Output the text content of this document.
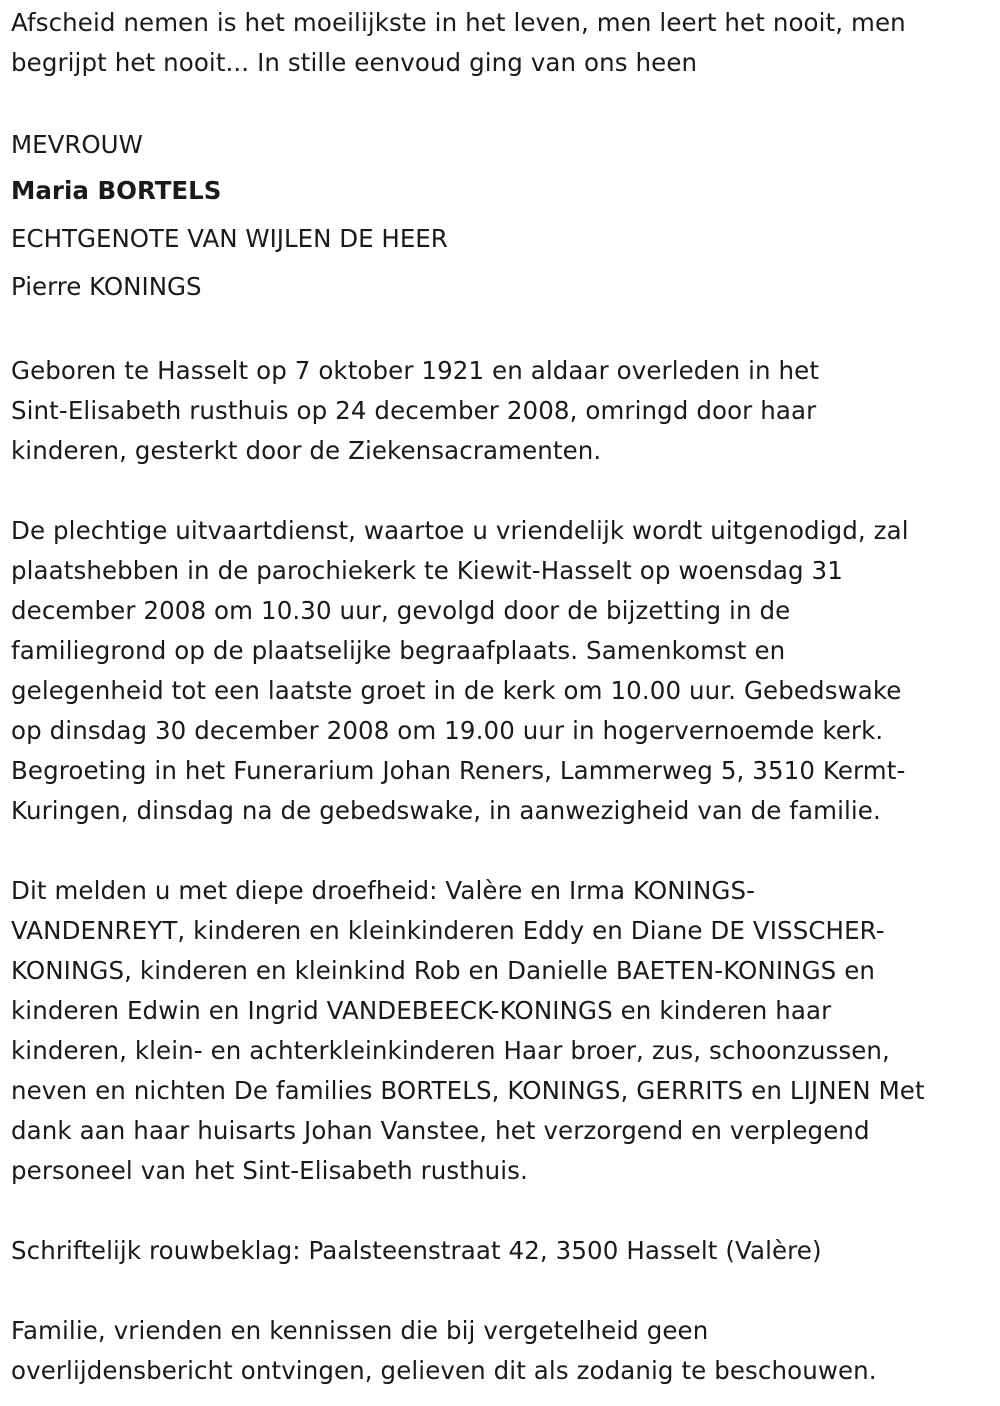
Afscheid nemen is het moeilijkste in het leven, men leert het nooit, men
begrijpt het nooit... In stille eenvoud ging van ons heen

MEVROUW
Maria BORTELS
ECHTGENOTE VAN WIJLEN DE HEER
Pierre KONINGS

Geboren te Hasselt op 7 oktober 1921 en aldaar overleden in het
Sint-Elisabeth rusthuis op 24 december 2008, omringd door haar
kinderen, gesterkt door de Ziekensacramenten.

De plechtige uitvaartdienst, waartoe u vriendelijk wordt uitgenodigd, zal
plaatshebben in de parochiekerk te Kiewit-Hasselt op woensdag 31
december 2008 om 10.30 uur, gevolgd door de bijzetting in de
familiegrond op de plaatselijke begraafplaats. Samenkomst en
gelegenheid tot een laatste groet in de kerk om 10.00 uur. Gebedswake
op dinsdag 30 december 2008 om 19.00 uur in hogervernoemde kerk.
Begroeting in het Funerarium Johan Reners, Lammerweg 5, 3510 Kermt-
Kuringen, dinsdag na de gebedswake, in aanwezigheid van de familie.

Dit melden u met diepe droefheid: Valère en Irma KONINGS-
VANDENREYT, kinderen en kleinkinderen Eddy en Diane DE VISSCHER-
KONINGS, kinderen en kleinkind Rob en Danielle BAETEN-KONINGS en
kinderen Edwin en Ingrid VANDEBEECK-KONINGS en kinderen haar
kinderen, klein- en achterkleinkinderen Haar broer, zus, schoonzussen,
neven en nichten De families BORTELS, KONINGS, GERRITS en LIJNEN Met
dank aan haar huisarts Johan Vanstee, het verzorgend en verplegend
personeel van het Sint-Elisabeth rusthuis.

Schriftelijk rouwbeklag: Paalsteenstraat 42, 3500 Hasselt (Valère)

Familie, vrienden en kennissen die bij vergetelheid geen
overlijdensbericht ontvingen, gelieven dit als zodanig te beschouwen.
